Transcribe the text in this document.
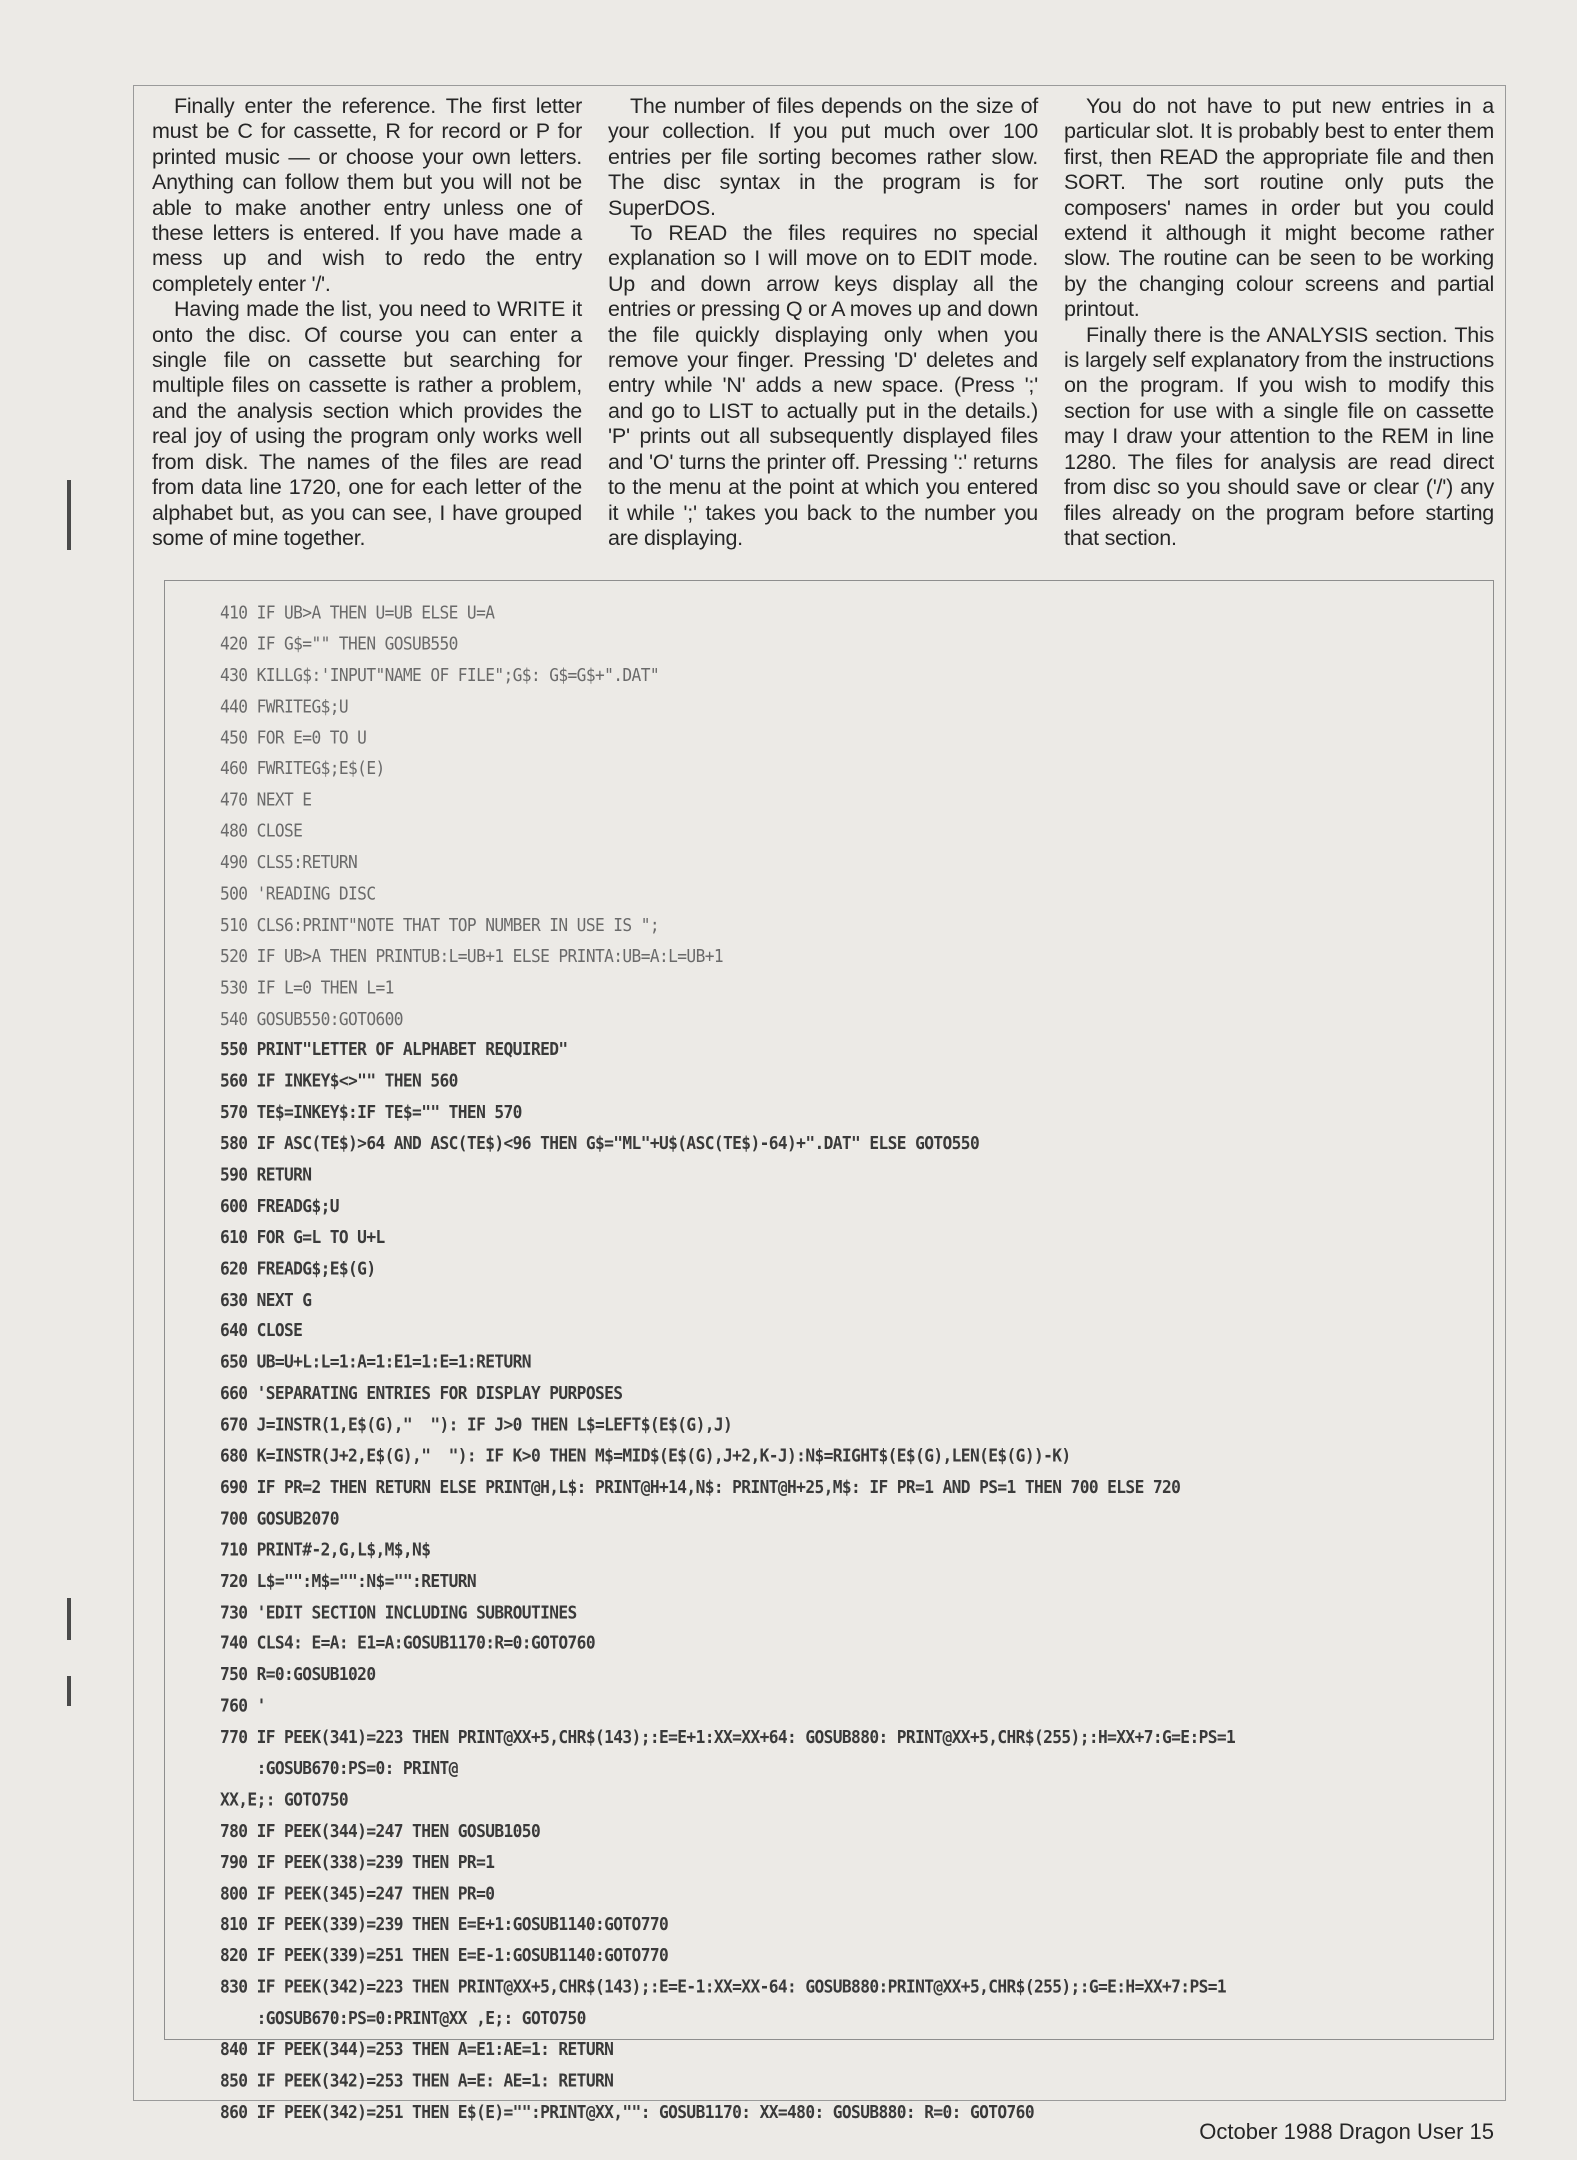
Finally enter the reference. The first letter must be C for cassette, R for record or P for printed music — or choose your own letters. Anything can follow them but you will not be able to make another entry unless one of these letters is entered. If you have made a mess up and wish to redo the entry completely enter '/'.

Having made the list, you need to WRITE it onto the disc. Of course you can enter a single file on cassette but searching for multiple files on cassette is rather a problem, and the analysis section which provides the real joy of using the program only works well from disk. The names of the files are read from data line 1720, one for each letter of the alphabet but, as you can see, I have grouped some of mine together.

The number of files depends on the size of your collection. If you put much over 100 entries per file sorting becomes rather slow. The disc syntax in the program is for SuperDOS.

To READ the files requires no special explanation so I will move on to EDIT mode. Up and down arrow keys display all the entries or pressing Q or A moves up and down the file quickly displaying only when you remove your finger. Pressing 'D' deletes and entry while 'N' adds a new space. (Press ';' and go to LIST to actually put in the details.) 'P' prints out all subsequently displayed files and 'O' turns the printer off. Pressing ':' returns to the menu at the point at which you entered it while ';' takes you back to the number you are displaying.

You do not have to put new entries in a particular slot. It is probably best to enter them first, then READ the appropriate file and then SORT. The sort routine only puts the composers' names in order but you could extend it although it might become rather slow. The routine can be seen to be working by the changing colour screens and partial printout.

Finally there is the ANALYSIS section. This is largely self explanatory from the instructions on the program. If you wish to modify this section for use with a single file on cassette may I draw your attention to the REM in line 1280. The files for analysis are read direct from disc so you should save or clear ('/') any files already on the program before starting that section.

410 IF UB>A THEN U=UB ELSE U=A
420 IF G$="" THEN GOSUB550
430 KILLG$:'INPUT"NAME OF FILE";G$: G$=G$+".DAT"
440 FWRITEG$;U
450 FOR E=0 TO U
460 FWRITEG$;E$(E)
470 NEXT E
480 CLOSE
490 CLS5:RETURN
500 'READING DISC
510 CLS6:PRINT"NOTE THAT TOP NUMBER IN USE IS ";
520 IF UB>A THEN PRINTUB:L=UB+1 ELSE PRINTA:UB=A:L=UB+1
530 IF L=0 THEN L=1
540 GOSUB550:GOTO600
550 PRINT"LETTER OF ALPHABET REQUIRED"
560 IF INKEY$<>"" THEN 560
570 TE$=INKEY$:IF TE$="" THEN 570
580 IF ASC(TE$)>64 AND ASC(TE$)<96 THEN G$="ML"+U$(ASC(TE$)-64)+".DAT" ELSE GOTO550
590 RETURN
600 FREADG$;U
610 FOR G=L TO U+L
620 FREADG$;E$(G)
630 NEXT G
640 CLOSE
650 UB=U+L:L=1:A=1:E1=1:E=1:RETURN
660 'SEPARATING ENTRIES FOR DISPLAY PURPOSES
670 J=INSTR(1,E$(G),"  "): IF J>0 THEN L$=LEFT$(E$(G),J)
680 K=INSTR(J+2,E$(G),"  "): IF K>0 THEN M$=MID$(E$(G),J+2,K-J):N$=RIGHT$(E$(G),LEN(E$(G))-K)
690 IF PR=2 THEN RETURN ELSE PRINT@H,L$: PRINT@H+14,N$: PRINT@H+25,M$: IF PR=1 AND PS=1 THEN 700 ELSE 720
700 GOSUB2070
710 PRINT#-2,G,L$,M$,N$
720 L$="":M$="":N$="":RETURN
730 'EDIT SECTION INCLUDING SUBROUTINES
740 CLS4: E=A: E1=A:GOSUB1170:R=0:GOTO760
750 R=0:GOSUB1020
760 '
770 IF PEEK(341)=223 THEN PRINT@XX+5,CHR$(143);:E=E+1:XX=XX+64: GOSUB880: PRINT@XX+5,CHR$(255);:H=XX+7:G=E:PS=1
:GOSUB670:PS=0: PRINT@
XX,E;: GOTO750
780 IF PEEK(344)=247 THEN GOSUB1050
790 IF PEEK(338)=239 THEN PR=1
800 IF PEEK(345)=247 THEN PR=0
810 IF PEEK(339)=239 THEN E=E+1:GOSUB1140:GOTO770
820 IF PEEK(339)=251 THEN E=E-1:GOSUB1140:GOTO770
830 IF PEEK(342)=223 THEN PRINT@XX+5,CHR$(143);:E=E-1:XX=XX-64: GOSUB880:PRINT@XX+5,CHR$(255);:G=E:H=XX+7:PS=1
:GOSUB670:PS=0:PRINT@XX ,E;: GOTO750
840 IF PEEK(344)=253 THEN A=E1:AE=1: RETURN
850 IF PEEK(342)=253 THEN A=E: AE=1: RETURN
860 IF PEEK(342)=251 THEN E$(E)="":PRINT@XX,"": GOSUB1170: XX=480: GOSUB880: R=0: GOTO760
October 1988 Dragon User 15
